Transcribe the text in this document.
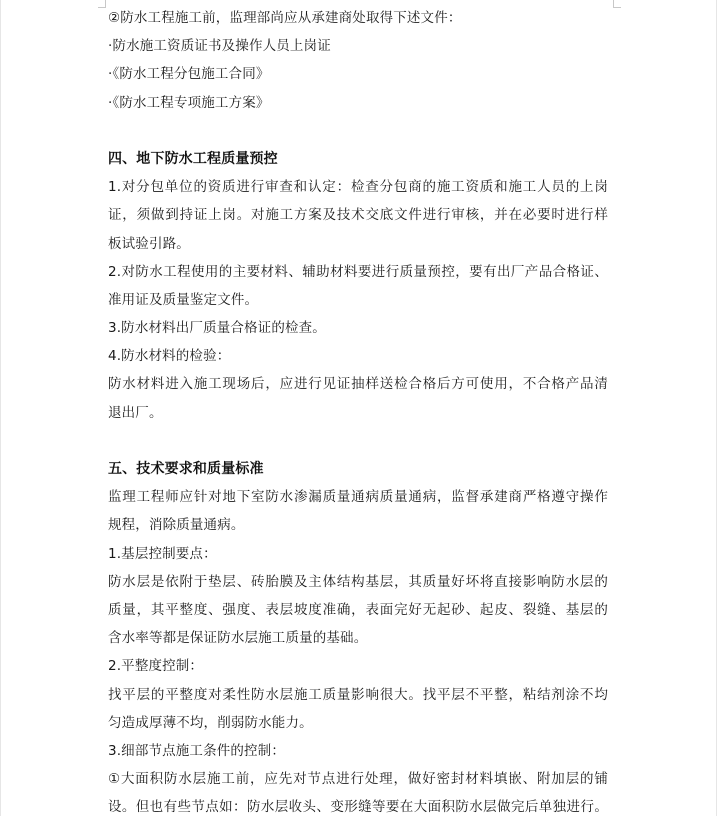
②防水工程施工前，监理部尚应从承建商处取得下述文件：
·防水施工资质证书及操作人员上岗证
·《防水工程分包施工合同》
·《防水工程专项施工方案》
四、地下防水工程质量预控
1.对分包单位的资质进行审查和认定：检查分包商的施工资质和施工人员的上岗
证，须做到持证上岗。对施工方案及技术交底文件进行审核，并在必要时进行样
板试验引路。
2.对防水工程使用的主要材料、辅助材料要进行质量预控，要有出厂产品合格证、
准用证及质量鉴定文件。
3.防水材料出厂质量合格证的检查。
4.防水材料的检验：
防水材料进入施工现场后，应进行见证抽样送检合格后方可使用，不合格产品清
退出厂。
五、技术要求和质量标准
监理工程师应针对地下室防水渗漏质量通病质量通病，监督承建商严格遵守操作
规程，消除质量通病。
1.基层控制要点：
防水层是依附于垫层、砖胎膜及主体结构基层，其质量好坏将直接影响防水层的
质量，其平整度、强度、表层坡度准确，表面完好无起砂、起皮、裂缝、基层的
含水率等都是保证防水层施工质量的基础。
2.平整度控制：
找平层的平整度对柔性防水层施工质量影响很大。找平层不平整，粘结剂涂不均
匀造成厚薄不均，削弱防水能力。
3.细部节点施工条件的控制：
①大面积防水层施工前，应先对节点进行处理，做好密封材料填嵌、附加层的铺
设。但也有些节点如：防水层收头、变形缝等要在大面积防水层做完后单独进行。
